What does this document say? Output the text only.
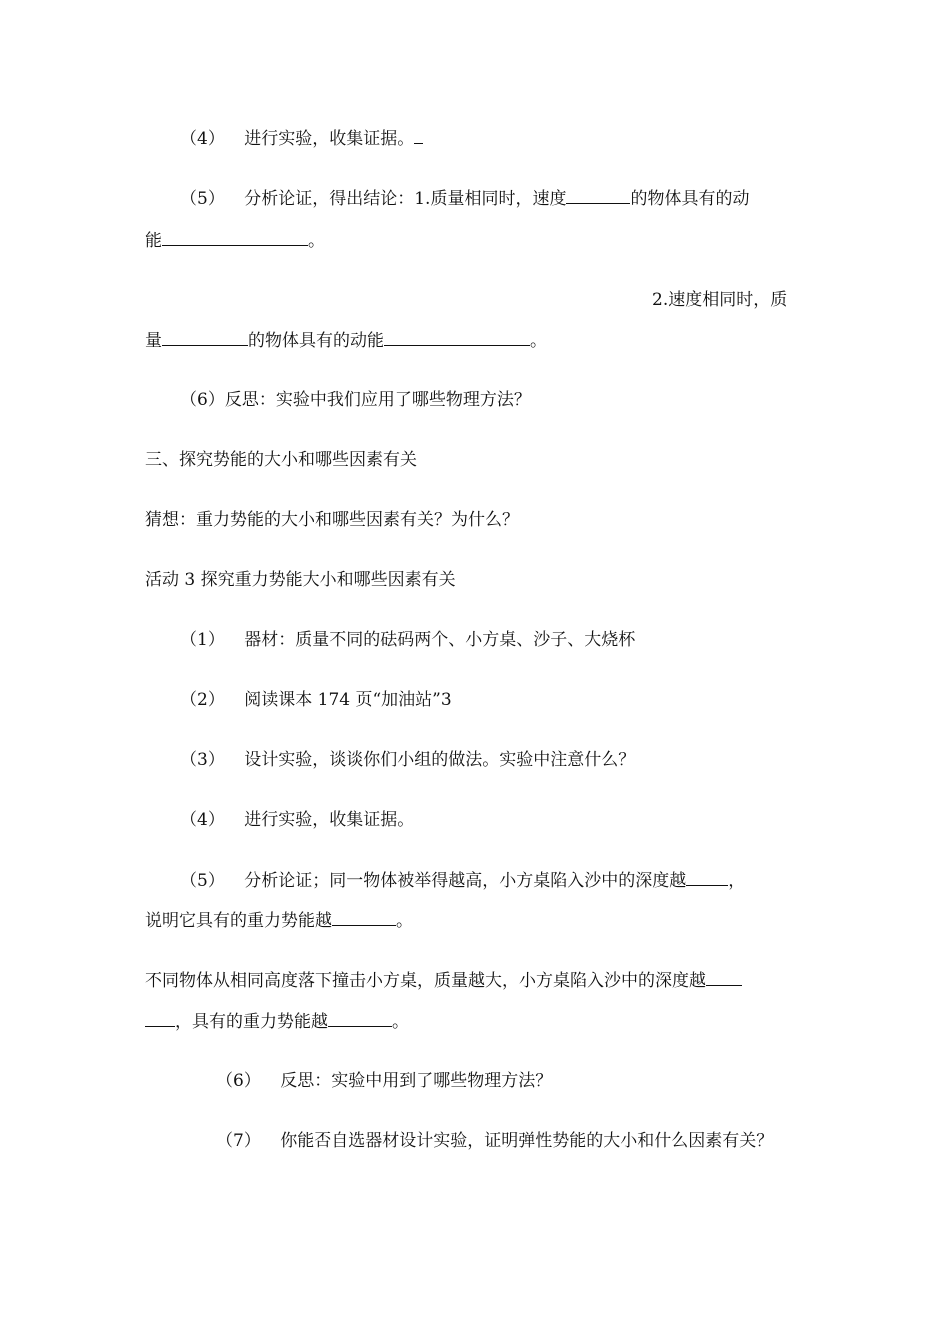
（4） 进行实验，收集证据。
（5） 分析论证，得出结论：1.质量相同时，速度	的物体具有的动
能	。
2.速度相同时，质
量	的物体具有的动能	。
（6）反思：实验中我们应用了哪些物理方法？
三、探究势能的大小和哪些因素有关
猜想：重力势能的大小和哪些因素有关？为什么？
活动 3 探究重力势能大小和哪些因素有关
（1） 器材：质量不同的砝码两个、小方桌、沙子、大烧杯
（2） 阅读课本 174 页“加油站”3
（3） 设计实验，谈谈你们小组的做法。实验中注意什么？
（4） 进行实验，收集证据。
（5） 分析论证；同一物体被举得越高，小方桌陷入沙中的深度越 ，
说明它具有的重力势能越	。
不同物体从相同高度落下撞击小方桌，质量越大，小方桌陷入沙中的深度越
，具有的重力势能越	。
（6） 反思：实验中用到了哪些物理方法？
（7） 你能否自选器材设计实验，证明弹性势能的大小和什么因素有关？
